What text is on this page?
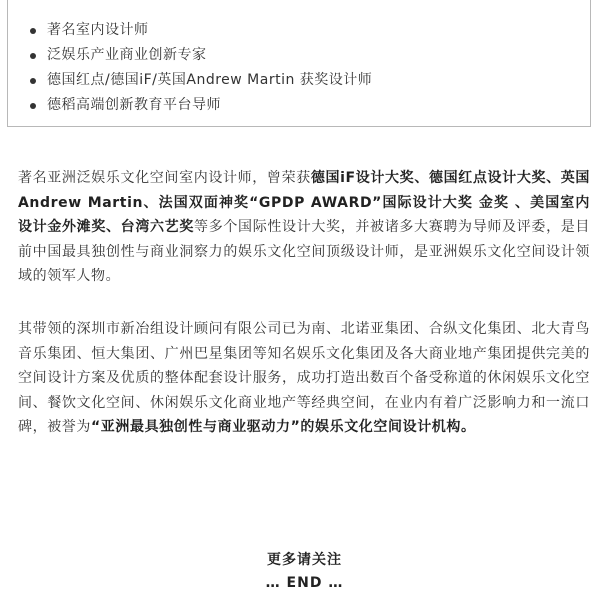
著名室内设计师
泛娱乐产业商业创新专家
德国红点/德国iF/英国Andrew Martin 获奖设计师
德稻高端创新教育平台导师

著名亚洲泛娱乐文化空间室内设计师，曾荣获德国iF设计大奖、德国红点设计大奖、英国Andrew Martin、法国双面神奖“GPDP AWARD”国际设计大奖 金奖 、美国室内设计金外滩奖、台湾六艺奖等多个国际性设计大奖，并被诸多大赛聘为导师及评委，是目前中国最具独创性与商业洞察力的娱乐文化空间顶级设计师，是亚洲娱乐文化空间设计领域的领军人物。

其带领的深圳市新冶组设计顾问有限公司已为南、北诺亚集团、合纵文化集团、北大青鸟音乐集团、恒大集团、广州巴星集团等知名娱乐文化集团及各大商业地产集团提供完美的空间设计方案及优质的整体配套设计服务，成功打造出数百个备受称道的休闲娱乐文化空间、餐饮文化空间、休闲娱乐文化商业地产等经典空间，在业内有着广泛影响力和一流口碑，被誉为“亚洲最具独创性与商业驱动力”的娱乐文化空间设计机构。

更多请关注
… END …
